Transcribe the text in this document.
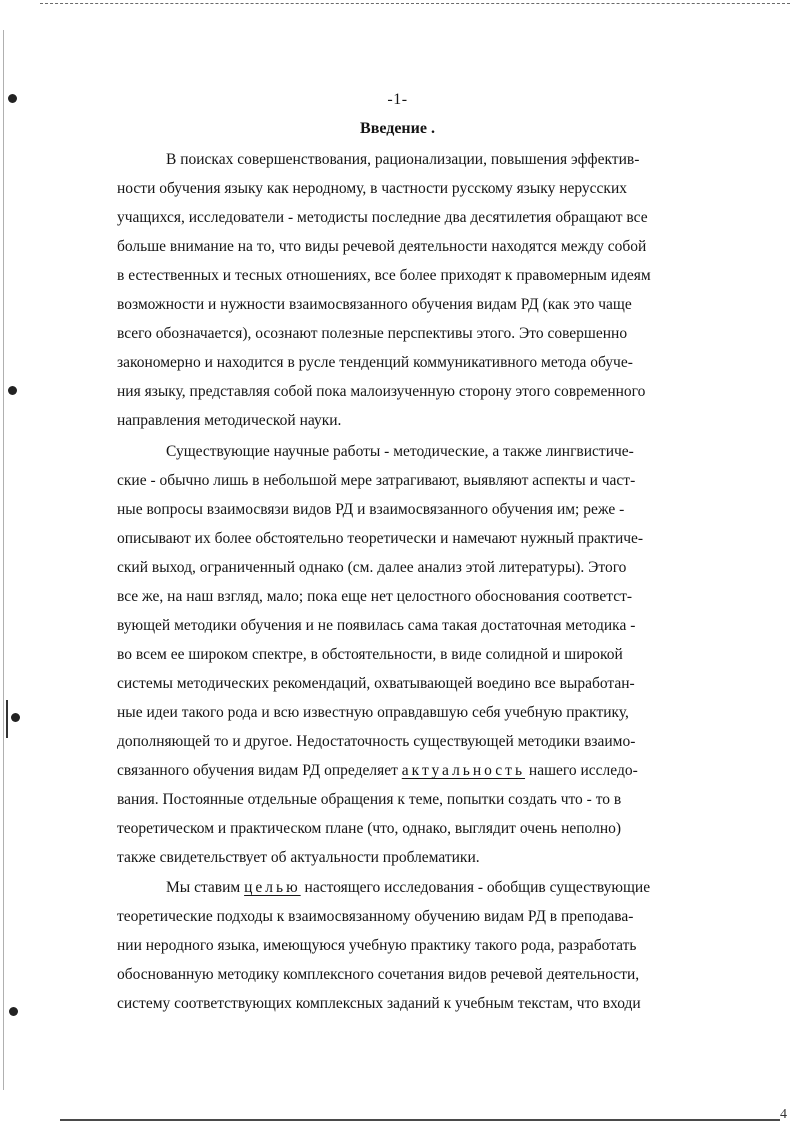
-1-
Введение .
В поисках совершенствования, рационализации, повышения эффектив-
ности обучения языку как неродному, в частности русскому языку нерусских
учащихся, исследователи - методисты последние два десятилетия обращают все
больше внимание на то, что виды речевой деятельности находятся между собой
в естественных и тесных отношениях, все более приходят к правомерным идеям
возможности и нужности взаимосвязанного обучения видам РД (как это чаще
всего обозначается), осознают полезные перспективы этого. Это совершенно
закономерно и находится в русле тенденций коммуникативного метода обуче-
ния языку, представляя собой пока малоизученную сторону этого современного
направления методической науки.
Существующие научные работы - методические, а также лингвистиче-
ские - обычно лишь в небольшой мере затрагивают, выявляют аспекты и част-
ные вопросы взаимосвязи видов РД и взаимосвязанного обучения им; реже -
описывают их более обстоятельно теоретически и намечают нужный практиче-
ский выход, ограниченный однако (см. далее анализ этой литературы). Этого
все же, на наш взгляд, мало; пока еще нет целостного обоснования соответст-
вующей методики обучения и не появилась сама такая достаточная методика -
во всем ее широком спектре, в обстоятельности, в виде солидной и широкой
системы методических рекомендаций, охватывающей воедино все выработан-
ные идеи такого рода и всю известную оправдавшую себя учебную практику,
дополняющей то и другое. Недостаточность существующей методики взаимо-
связанного обучения видам РД определяет актуальность нашего исследо-
вания. Постоянные отдельные обращения к теме, попытки создать что - то в
теоретическом и практическом плане (что, однако, выглядит очень неполно)
также свидетельствует об актуальности проблематики.
Мы ставим целью настоящего исследования - обобщив существующие
теоретические подходы к взаимосвязанному обучению видам РД в преподава-
нии неродного языка, имеющуюся учебную практику такого рода, разработать
обоснованную методику комплексного сочетания видов речевой деятельности,
систему соответствующих комплексных заданий к учебным текстам, что входи
4
